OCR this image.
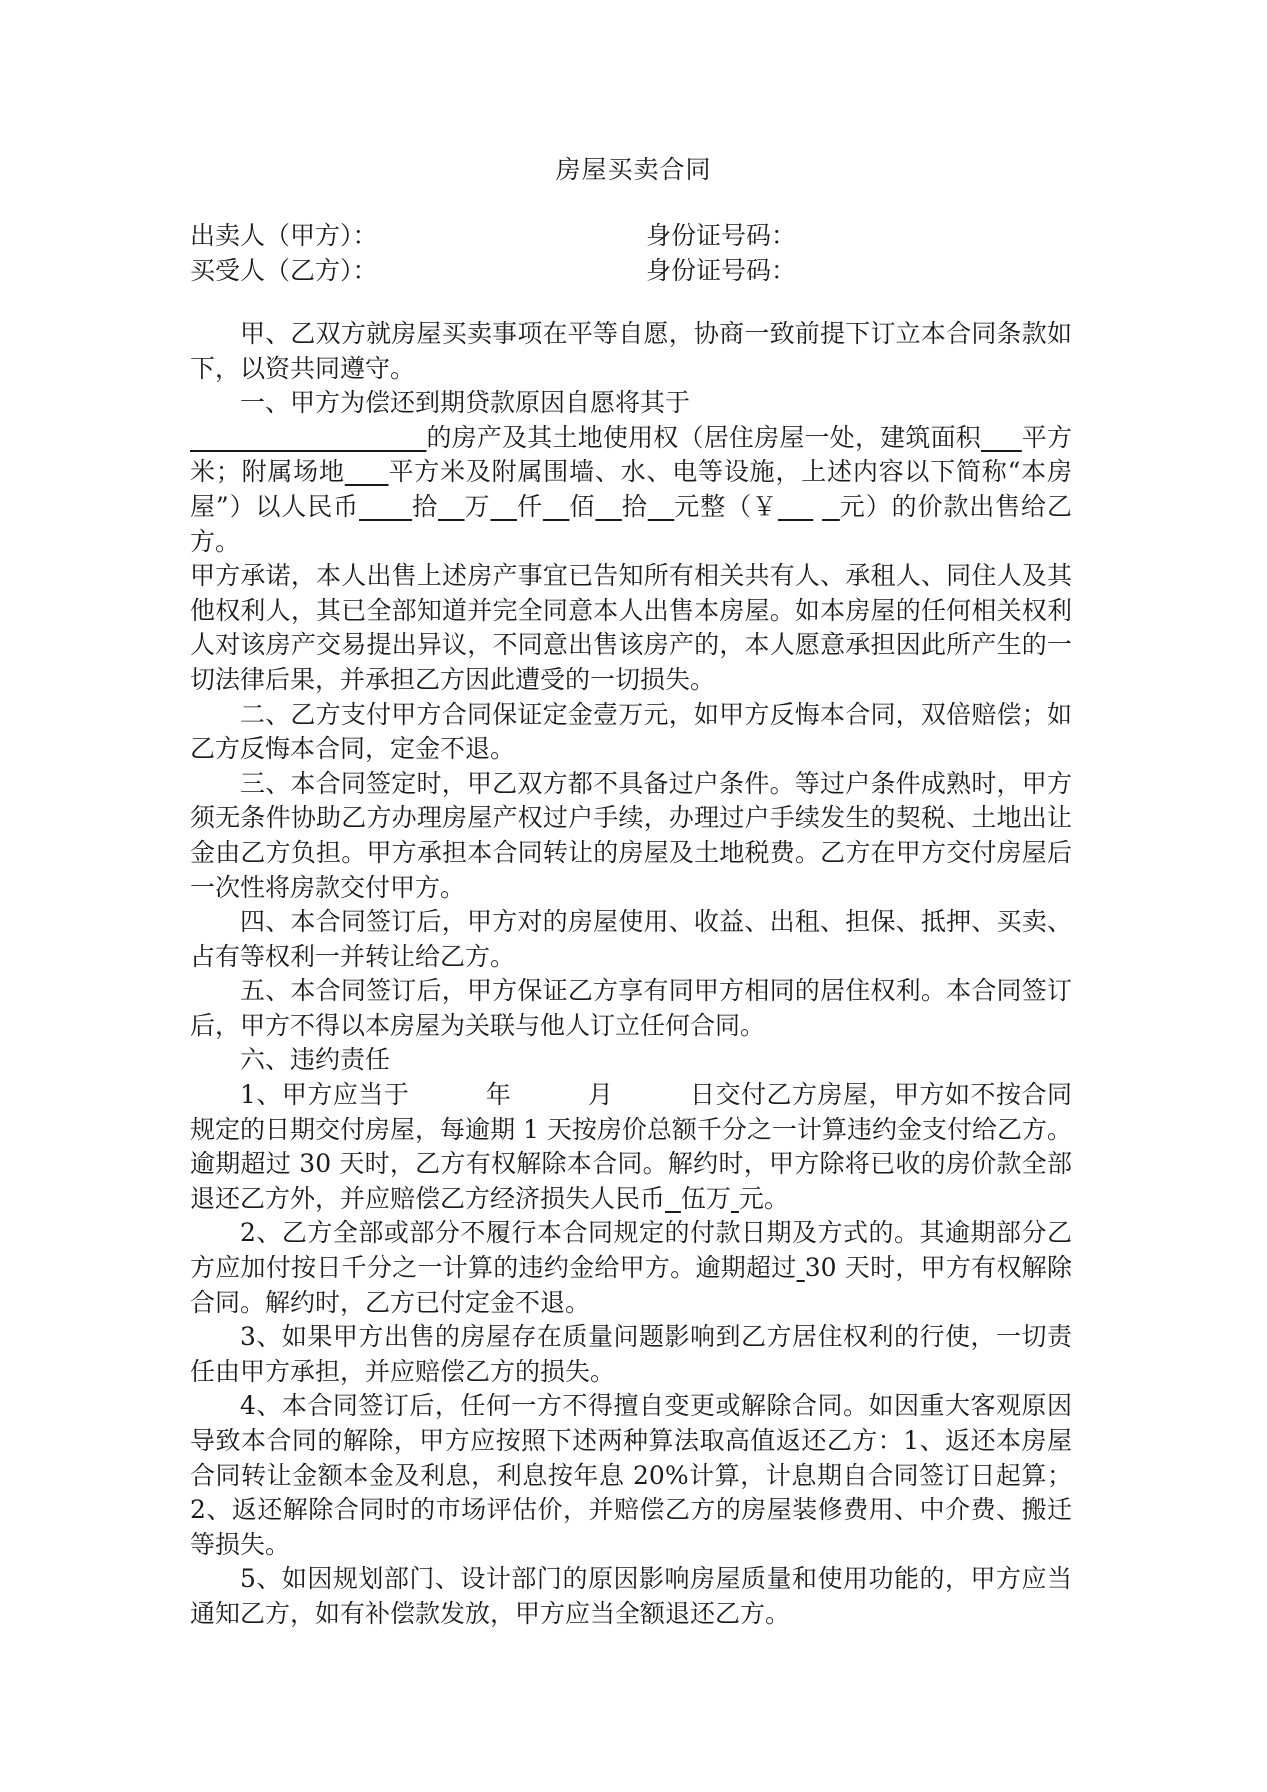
房屋买卖合同
出卖人（甲方）：	身份证号码：
买受人（乙方）：	身份证号码：

甲、乙双方就房屋买卖事项在平等自愿，协商一致前提下订立本合同条款如下，以资共同遵守。

一、甲方为偿还到期贷款原因自愿将其于

的房产及其土地使用权（居住房屋一处，建筑面积 平方米；附属场地 平方米及附属围墙、水、电等设施，上述内容以下简称“本房屋”）以人民币 拾 万 仟 佰 拾 元整（￥ 元）的价款出售给乙方。

甲方承诺，本人出售上述房产事宜已告知所有相关共有人、承租人、同住人及其他权利人，其已全部知道并完全同意本人出售本房屋。如本房屋的任何相关权利人对该房产交易提出异议，不同意出售该房产的，本人愿意承担因此所产生的一切法律后果，并承担乙方因此遭受的一切损失。

二、乙方支付甲方合同保证定金壹万元，如甲方反悔本合同，双倍赔偿；如乙方反悔本合同，定金不退。

三、本合同签定时，甲乙双方都不具备过户条件。等过户条件成熟时，甲方须无条件协助乙方办理房屋产权过户手续，办理过户手续发生的契税、土地出让金由乙方负担。甲方承担本合同转让的房屋及土地税费。乙方在甲方交付房屋后一次性将房款交付甲方。

四、本合同签订后，甲方对的房屋使用、收益、出租、担保、抵押、买卖、占有等权利一并转让给乙方。

五、本合同签订后，甲方保证乙方享有同甲方相同的居住权利。本合同签订后，甲方不得以本房屋为关联与他人订立任何合同。

六、违约责任

1、甲方应当于　　　年　　　月　　　日交付乙方房屋，甲方如不按合同规定的日期交付房屋，每逾期 1 天按房价总额千分之一计算违约金支付给乙方。逾期超过 30 天时，乙方有权解除本合同。解约时，甲方除将已收的房价款全部退还乙方外，并应赔偿乙方经济损失人民币 伍万 元。

2、乙方全部或部分不履行本合同规定的付款日期及方式的。其逾期部分乙方应加付按日千分之一计算的违约金给甲方。逾期超过 30 天时，甲方有权解除合同。解约时，乙方已付定金不退。

3、如果甲方出售的房屋存在质量问题影响到乙方居住权利的行使，一切责任由甲方承担，并应赔偿乙方的损失。

4、本合同签订后，任何一方不得擅自变更或解除合同。如因重大客观原因导致本合同的解除，甲方应按照下述两种算法取高值返还乙方：1、返还本房屋合同转让金额本金及利息，利息按年息 20%计算，计息期自合同签订日起算；2、返还解除合同时的市场评估价，并赔偿乙方的房屋装修费用、中介费、搬迁等损失。

5、如因规划部门、设计部门的原因影响房屋质量和使用功能的，甲方应当通知乙方，如有补偿款发放，甲方应当全额退还乙方。
